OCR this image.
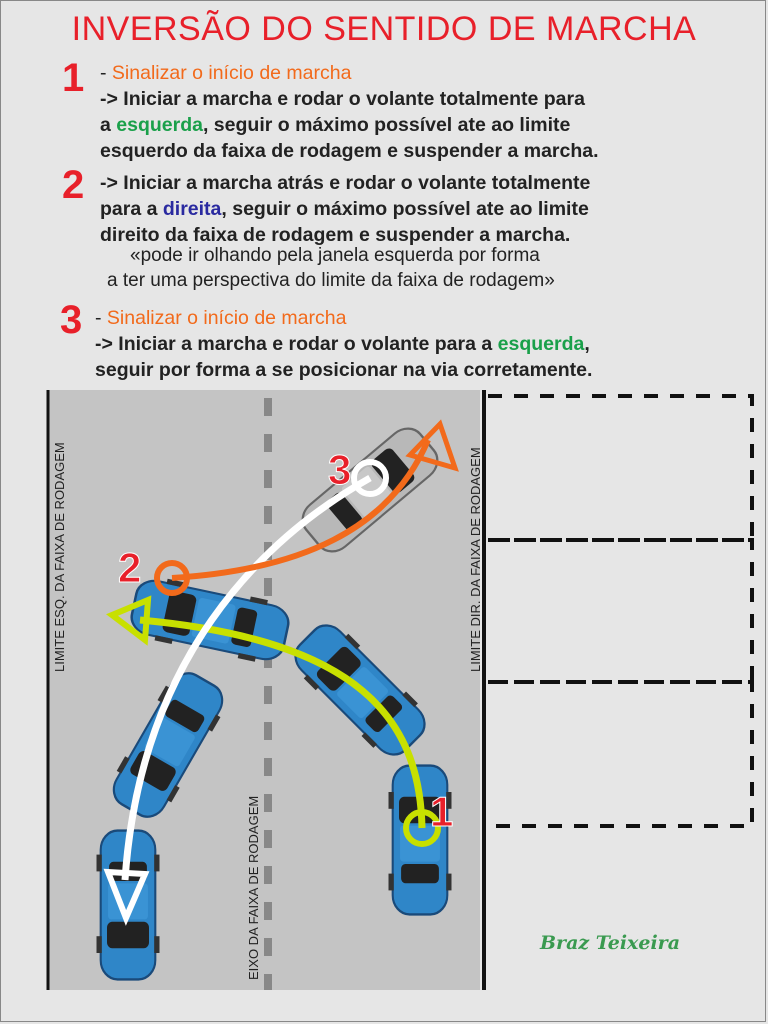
INVERSÃO DO SENTIDO DE MARCHA
1 - Sinalizar o início de marcha
-> Iniciar a marcha e rodar o volante totalmente para
a esquerda, seguir o máximo possível ate ao limite
esquerdo da faixa de rodagem e suspender a marcha.
2 -> Iniciar a marcha atrás e rodar o volante totalmente
para a direita, seguir o máximo possível ate ao limite
direito da faixa de rodagem e suspender a marcha.
«pode ir olhando pela janela esquerda por forma
a ter uma perspectiva do limite da faixa de rodagem»
3 - Sinalizar o início de marcha
-> Iniciar a marcha e rodar o volante para a esquerda,
seguir por forma a se posicionar na via corretamente.
LIMITE ESQ. DA FAIXA DE RODAGEM	LIMITE DIR. DA FAIXA DE RODAGEM
EIXO DA FAIXA DE RODAGEM	1
2
3
Braz Teixeira
